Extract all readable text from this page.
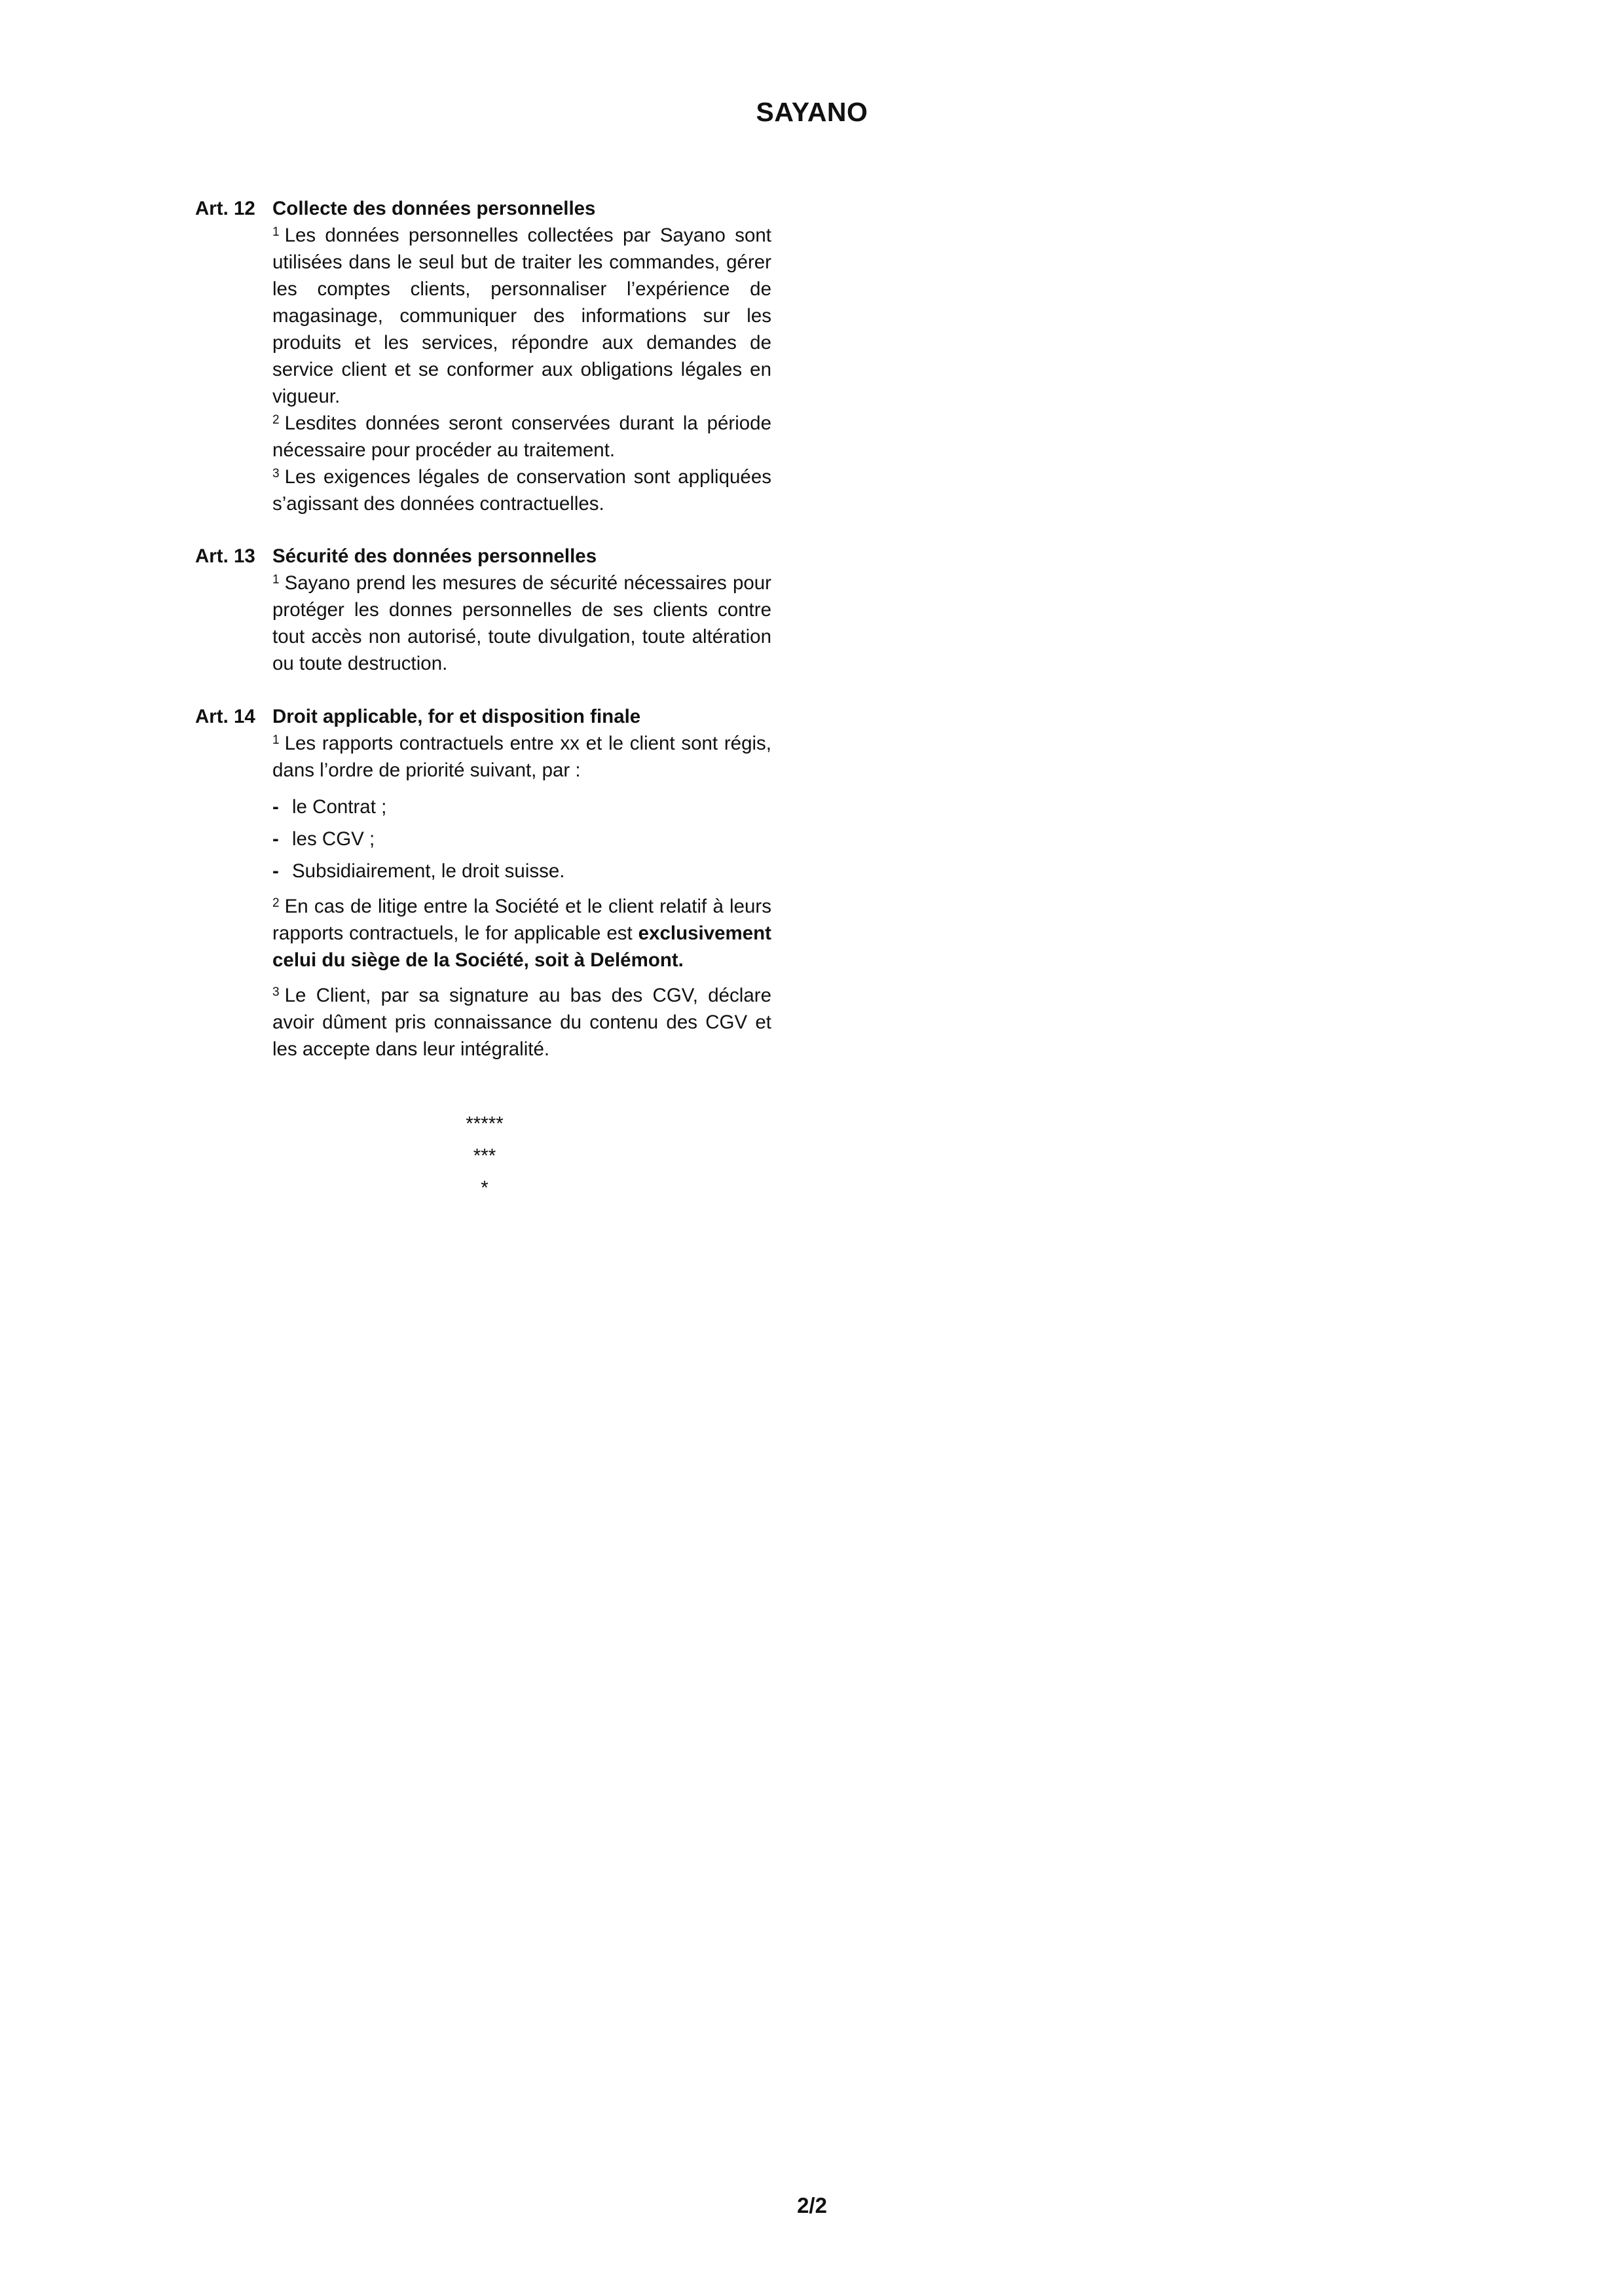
SAYANO
Art. 12 Collecte des données personnelles

$^1$ Les données personnelles collectées par Sayano sont utilisées dans le seul but de traiter les commandes, gérer les comptes clients, personnaliser l’expérience de magasinage, communiquer des informations sur les produits et les services, répondre aux demandes de service client et se conformer aux obligations légales en vigueur.

$^2$ Lesdites données seront conservées durant la période nécessaire pour procéder au traitement.

$^3$ Les exigences légales de conservation sont appliquées s’agissant des données contractuelles.

Art. 13 Sécurité des données personnelles

$^1$ Sayano prend les mesures de sécurité nécessaires pour protéger les donnes personnelles de ses clients contre tout accès non autorisé, toute divulgation, toute altération ou toute destruction.

Art. 14 Droit applicable, for et disposition finale

$^1$ Les rapports contractuels entre xx et le client sont régis, dans l’ordre de priorité suivant, par :

- le Contrat ;
- les CGV ;
- Subsidiairement, le droit suisse.

$^2$ En cas de litige entre la Société et le client relatif à leurs rapports contractuels, le for applicable est exclusivement celui du siège de la Société, soit à Delémont.

$^3$ Le Client, par sa signature au bas des CGV, déclare avoir dûment pris connaissance du contenu des CGV et les accepte dans leur intégralité.

*****
***
*
2/2
